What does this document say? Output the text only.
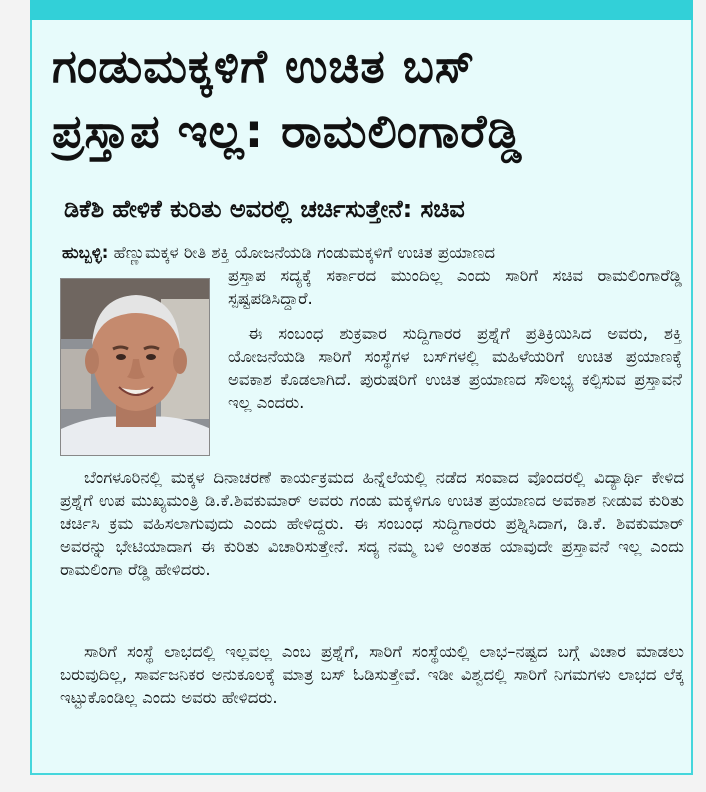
ಗಂಡುಮಕ್ಕಳಿಗೆ ಉಚಿತ ಬಸ್
ಪ್ರಸ್ತಾಪ ಇಲ್ಲ: ರಾಮಲಿಂಗಾರೆಡ್ಡಿ
ಡಿಕೆಶಿ ಹೇಳಿಕೆ ಕುರಿತು ಅವರಲ್ಲಿ ಚರ್ಚಿಸುತ್ತೇನೆ: ಸಚಿವ

ಹುಬ್ಬಳ್ಳಿ: ಹೆಣ್ಣುಮಕ್ಕಳ ರೀತಿ ಶಕ್ತಿ ಯೋಜನೆಯಡಿ ಗಂಡುಮಕ್ಕಳಿಗೆ ಉಚಿತ ಪ್ರಯಾಣದ

ಪ್ರಸ್ತಾಪ ಸದ್ಯಕ್ಕೆ ಸರ್ಕಾರದ ಮುಂದಿಲ್ಲ ಎಂದು ಸಾರಿಗೆ ಸಚಿವ ರಾಮಲಿಂಗಾರೆಡ್ಡಿ ಸ್ಪಷ್ಟಪಡಿಸಿದ್ದಾರೆ.

ಈ ಸಂಬಂಧ ಶುಕ್ರವಾರ ಸುದ್ದಿಗಾರರ ಪ್ರಶ್ನೆಗೆ ಪ್ರತಿಕ್ರಿಯಿಸಿದ ಅವರು, ಶಕ್ತಿ ಯೋಜನೆಯಡಿ ಸಾರಿಗೆ ಸಂಸ್ಥೆಗಳ ಬಸ್‌ಗಳಲ್ಲಿ ಮಹಿಳೆಯರಿಗೆ ಉಚಿತ ಪ್ರಯಾಣಕ್ಕೆ ಅವಕಾಶ ಕೊಡಲಾಗಿದೆ. ಪುರುಷರಿಗೆ ಉಚಿತ ಪ್ರಯಾಣದ ಸೌಲಭ್ಯ ಕಲ್ಪಿಸುವ ಪ್ರಸ್ತಾವನೆ ಇಲ್ಲ ಎಂದರು.

ಬೆಂಗಳೂರಿನಲ್ಲಿ ಮಕ್ಕಳ ದಿನಾಚರಣೆ ಕಾರ್ಯಕ್ರಮದ ಹಿನ್ನೆಲೆಯಲ್ಲಿ ನಡೆದ ಸಂವಾದ ವೊಂದರಲ್ಲಿ ವಿದ್ಯಾರ್ಥಿ ಕೇಳಿದ ಪ್ರಶ್ನೆಗೆ ಉಪ ಮುಖ್ಯಮಂತ್ರಿ ಡಿ.ಕೆ.ಶಿವಕುಮಾರ್ ಅವರು ಗಂಡು ಮಕ್ಕಳಿಗೂ ಉಚಿತ ಪ್ರಯಾಣದ ಅವಕಾಶ ನೀಡುವ ಕುರಿತು ಚರ್ಚಿಸಿ ಕ್ರಮ ವಹಿಸಲಾಗುವುದು ಎಂದು ಹೇಳಿದ್ದರು. ಈ ಸಂಬಂಧ ಸುದ್ದಿಗಾರರು ಪ್ರಶ್ನಿಸಿದಾಗ, ಡಿ.ಕೆ. ಶಿವಕುಮಾರ್ ಅವರನ್ನು ಭೇಟಿಯಾದಾಗ ಈ ಕುರಿತು ವಿಚಾರಿಸುತ್ತೇನೆ. ಸದ್ಯ ನಮ್ಮ ಬಳಿ ಅಂತಹ ಯಾವುದೇ ಪ್ರಸ್ತಾವನೆ ಇಲ್ಲ ಎಂದು ರಾಮಲಿಂಗಾ ರೆಡ್ಡಿ ಹೇಳಿದರು.

ಸಾರಿಗೆ ಸಂಸ್ಥೆ ಲಾಭದಲ್ಲಿ ಇಲ್ಲವಲ್ಲ ಎಂಬ ಪ್ರಶ್ನೆಗೆ, ಸಾರಿಗೆ ಸಂಸ್ಥೆಯಲ್ಲಿ ಲಾಭ–ನಷ್ಟದ ಬಗ್ಗೆ ವಿಚಾರ ಮಾಡಲು ಬರುವುದಿಲ್ಲ, ಸಾರ್ವಜನಿಕರ ಅನುಕೂಲಕ್ಕೆ ಮಾತ್ರ ಬಸ್ ಓಡಿಸುತ್ತೇವೆ. ಇಡೀ ವಿಶ್ವದಲ್ಲಿ ಸಾರಿಗೆ ನಿಗಮಗಳು ಲಾಭದ ಲೆಕ್ಕ ಇಟ್ಟುಕೊಂಡಿಲ್ಲ ಎಂದು ಅವರು ಹೇಳಿದರು.
